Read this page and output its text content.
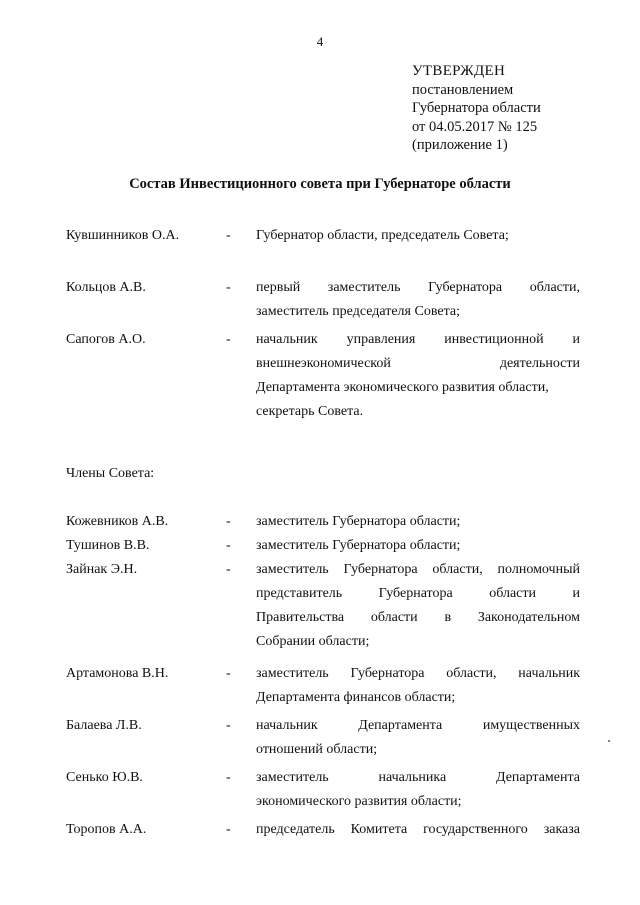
4
УТВЕРЖДЕН
постановлением
Губернатора области
от 04.05.2017 № 125
(приложение 1)
Состав Инвестиционного совета при Губернаторе области
Кувшинников О.А.	- Губернатор области, председатель Совета;
Кольцов А.В.	- первый заместитель Губернатора области,
заместитель председателя Совета;
Сапогов А.О.	- начальник управления инвестиционной и
внешнеэкономической деятельности
Департамента экономического развития области,
секретарь Совета.
Члены Совета:
Кожевников А.В.	- заместитель Губернатора области;
Тушинов В.В.	- заместитель Губернатора области;
Зайнак Э.Н.	- заместитель Губернатора области, полномочный
представитель Губернатора области и
Правительства области в Законодательном
Собрании области;
Артамонова В.Н.	- заместитель Губернатора области, начальник
Департамента финансов области;
Балаева Л.В.	- начальник Департамента имущественных
отношений области;
Сенько Ю.В.	- заместитель начальника Департамента
экономического развития области;
Торопов А.А.	- председатель Комитета государственного заказа
